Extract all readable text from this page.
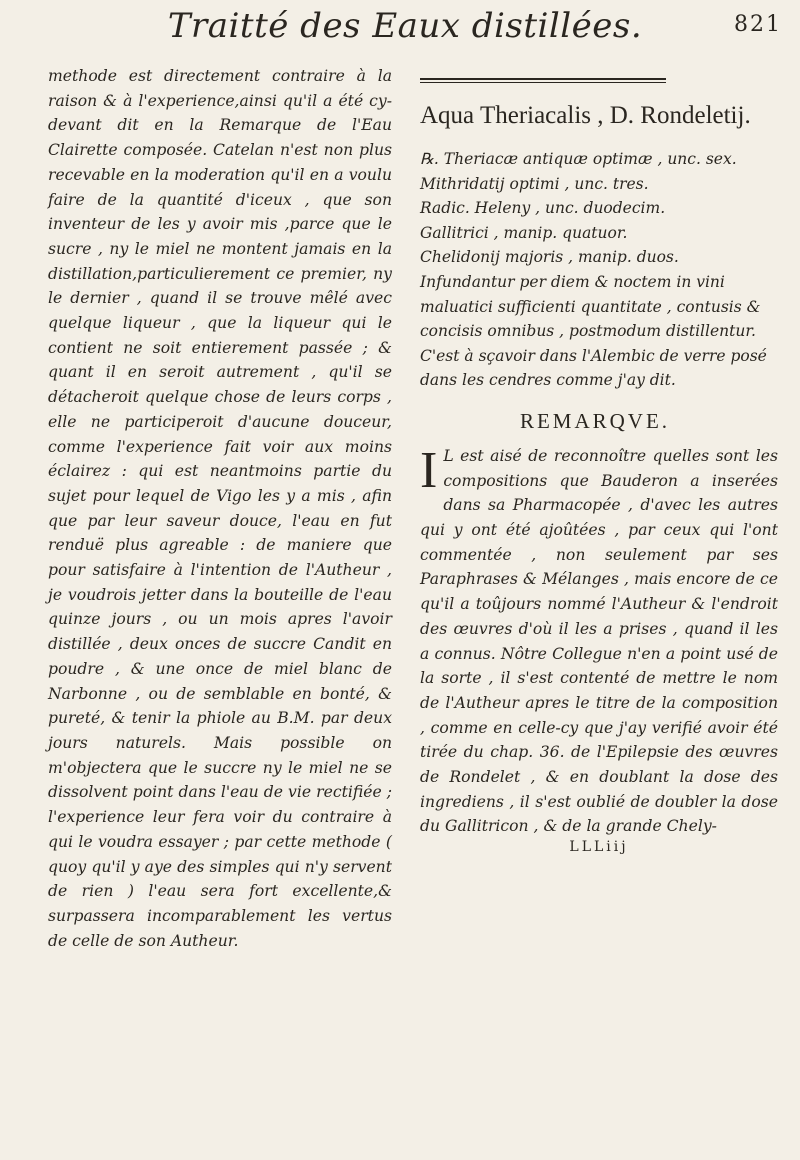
Traitté des Eaux distillées.	821

methode est directement contraire à la raison & à l'experience,ainsi qu'il a été cy-devant dit en la Remarque de l'Eau Clairette composée. Catelan n'est non plus recevable en la moderation qu'il en a voulu faire de la quantité d'iceux , que son inventeur de les y avoir mis ,parce que le sucre , ny le miel ne montent jamais en la distillation,particulierement ce premier, ny le dernier , quand il se trouve mêlé avec quelque liqueur , que la liqueur qui le contient ne soit entierement passée ; & quant il en seroit autrement , qu'il se détacheroit quelque chose de leurs corps , elle ne participeroit d'aucune douceur, comme l'experience fait voir aux moins éclairez : qui est neantmoins partie du sujet pour lequel de Vigo les y a mis , afin que par leur saveur douce, l'eau en fut renduë plus agreable : de maniere que pour satisfaire à l'intention de l'Autheur , je voudrois jetter dans la bouteille de l'eau quinze jours , ou un mois apres l'avoir distillée , deux onces de succre Candit en poudre , & une once de miel blanc de Narbonne , ou de semblable en bonté, & pureté, & tenir la phiole au B.M. par deux jours naturels. Mais possible on m'objectera que le succre ny le miel ne se dissolvent point dans l'eau de vie rectifiée ; l'experience leur fera voir du contraire à qui le voudra essayer ; par cette methode ( quoy qu'il y aye des simples qui n'y servent de rien ) l'eau sera fort excellente,& surpassera incomparablement les vertus de celle de son Autheur.

Aqua Theriacalis , D. Rondeletij.
℞. Theriacæ antiquæ optimæ , unc. sex.
Mithridatij optimi , unc. tres.
Radic. Heleny , unc. duodecim.
Gallitrici , manip. quatuor.
Chelidonij majoris , manip. duos.
Infundantur per diem & noctem in vini maluatici sufficienti quantitate , contusis & concisis omnibus , postmodum distillentur.
C'est à sçavoir dans l'Alembic de verre posé dans les cendres comme j'ay dit.
REMARQVE.
I L est aisé de reconnoître quelles sont les compositions que Bauderon a inserées dans sa Pharmacopée , d'avec les autres qui y ont été ajoûtées , par ceux qui l'ont commentée , non seulement par ses Paraphrases & Mélanges , mais encore de ce qu'il a toûjours nommé l'Autheur & l'endroit des œuvres d'où il les a prises , quand il les a connus. Nôtre Collegue n'en a point usé de la sorte , il s'est contenté de mettre le nom de l'Autheur apres le titre de la composition , comme en celle-cy que j'ay verifié avoir été tirée du chap. 36. de l'Epilepsie des œuvres de Rondelet , & en doublant la dose des ingrediens , il s'est oublié de doubler la dose du Gallitricon , & de la grande Chely-
LLLiij
